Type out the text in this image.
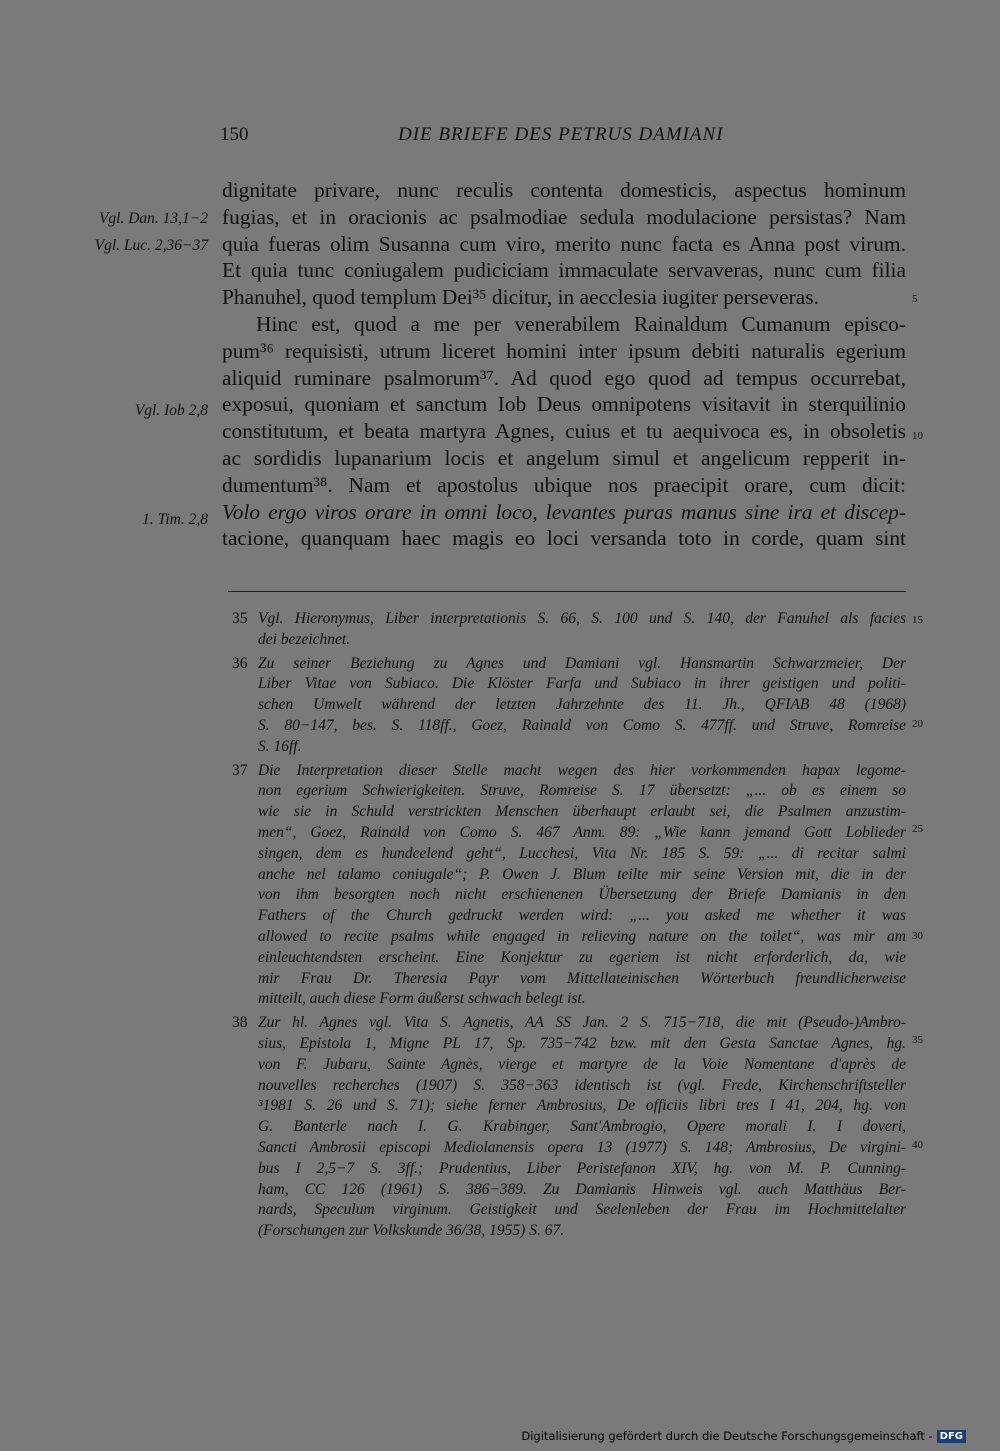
150	DIE BRIEFE DES PETRUS DAMIANI
dignitate privare, nunc reculis contenta domesticis, aspectus hominum
fugias, et in oracionis ac psalmodiae sedula modulacione persistas? Nam
quia fueras olim Susanna cum viro, merito nunc facta es Anna post virum.
Et quia tunc coniugalem pudiciciam immaculate servaveras, nunc cum filia
Phanuhel, quod templum Dei³⁵ dicitur, in aecclesia iugiter perseveras.
Hinc est, quod a me per venerabilem Rainaldum Cumanum episco-
pum³⁶ requisisti, utrum liceret homini inter ipsum debiti naturalis egerium
aliquid ruminare psalmorum³⁷. Ad quod ego quod ad tempus occurrebat,
exposui, quoniam et sanctum Iob Deus omnipotens visitavit in sterquilinio
constitutum, et beata martyra Agnes, cuius et tu aequivoca es, in obsoletis
ac sordidis lupanarium locis et angelum simul et angelicum repperit in-
dumentum³⁸. Nam et apostolus ubique nos praecipit orare, cum dicit:
Volo ergo viros orare in omni loco, levantes puras manus sine ira et discep-
tacione, quanquam haec magis eo loci versanda toto in corde, quam sint
Vgl. Dan. 13,1−2
Vgl. Luc. 2,36−37
Vgl. Iob 2,8
1. Tim. 2,8
5
10
15
20
25
30
35
40
35 Vgl. Hieronymus, Liber interpretationis S. 66, S. 100 und S. 140, der Fanuhel als facies
dei bezeichnet.
36 Zu seiner Beziehung zu Agnes und Damiani vgl. Hansmartin Schwarzmeier, Der
Liber Vitae von Subiaco. Die Klöster Farfa und Subiaco in ihrer geistigen und politi-
schen Umwelt während der letzten Jahrzehnte des 11. Jh., QFIAB 48 (1968)
S. 80−147, bes. S. 118ff., Goez, Rainald von Como S. 477ff. und Struve, Romreise
S. 16ff.
37 Die Interpretation dieser Stelle macht wegen des hier vorkommenden hapax legome-
non egerium Schwierigkeiten. Struve, Romreise S. 17 übersetzt: „... ob es einem so
wie sie in Schuld verstrickten Menschen überhaupt erlaubt sei, die Psalmen anzustim-
men“, Goez, Rainald von Como S. 467 Anm. 89: „Wie kann jemand Gott Loblieder
singen, dem es hundeelend geht“, Lucchesi, Vita Nr. 185 S. 59: „... di recitar salmi
anche nel talamo coniugale“; P. Owen J. Blum teilte mir seine Version mit, die in der
von ihm besorgten noch nicht erschienenen Übersetzung der Briefe Damianis in den
Fathers of the Church gedruckt werden wird: „... you asked me whether it was
allowed to recite psalms while engaged in relieving nature on the toilet“, was mir am
einleuchtendsten erscheint. Eine Konjektur zu egeriem ist nicht erforderlich, da, wie
mir Frau Dr. Theresia Payr vom Mittellateinischen Wörterbuch freundlicherweise
mitteilt, auch diese Form äußerst schwach belegt ist.
38 Zur hl. Agnes vgl. Vita S. Agnetis, AA SS Jan. 2 S. 715−718, die mit (Pseudo-)Ambro-
sius, Epistola 1, Migne PL 17, Sp. 735−742 bzw. mit den Gesta Sanctae Agnes, hg.
von F. Jubaru, Sainte Agnès, vierge et martyre de la Voie Nomentane d'après de
nouvelles recherches (1907) S. 358−363 identisch ist (vgl. Frede, Kirchenschriftsteller
³1981 S. 26 und S. 71); siehe ferner Ambrosius, De officiis libri tres I 41, 204, hg. von
G. Banterle nach I. G. Krabinger, Sant'Ambrogio, Opere morali I. I doveri,
Sancti Ambrosii episcopi Mediolanensis opera 13 (1977) S. 148; Ambrosius, De virgini-
bus I 2,5−7 S. 3ff.; Prudentius, Liber Peristefanon XIV, hg. von M. P. Cunning-
ham, CC 126 (1961) S. 386−389. Zu Damianis Hinweis vgl. auch Matthäus Ber-
nards, Speculum virginum. Geistigkeit und Seelenleben der Frau im Hochmittelalter
(Forschungen zur Volkskunde 36/38, 1955) S. 67.
Digitalisierung gefördert durch die Deutsche Forschungsgemeinschaft - DFG
